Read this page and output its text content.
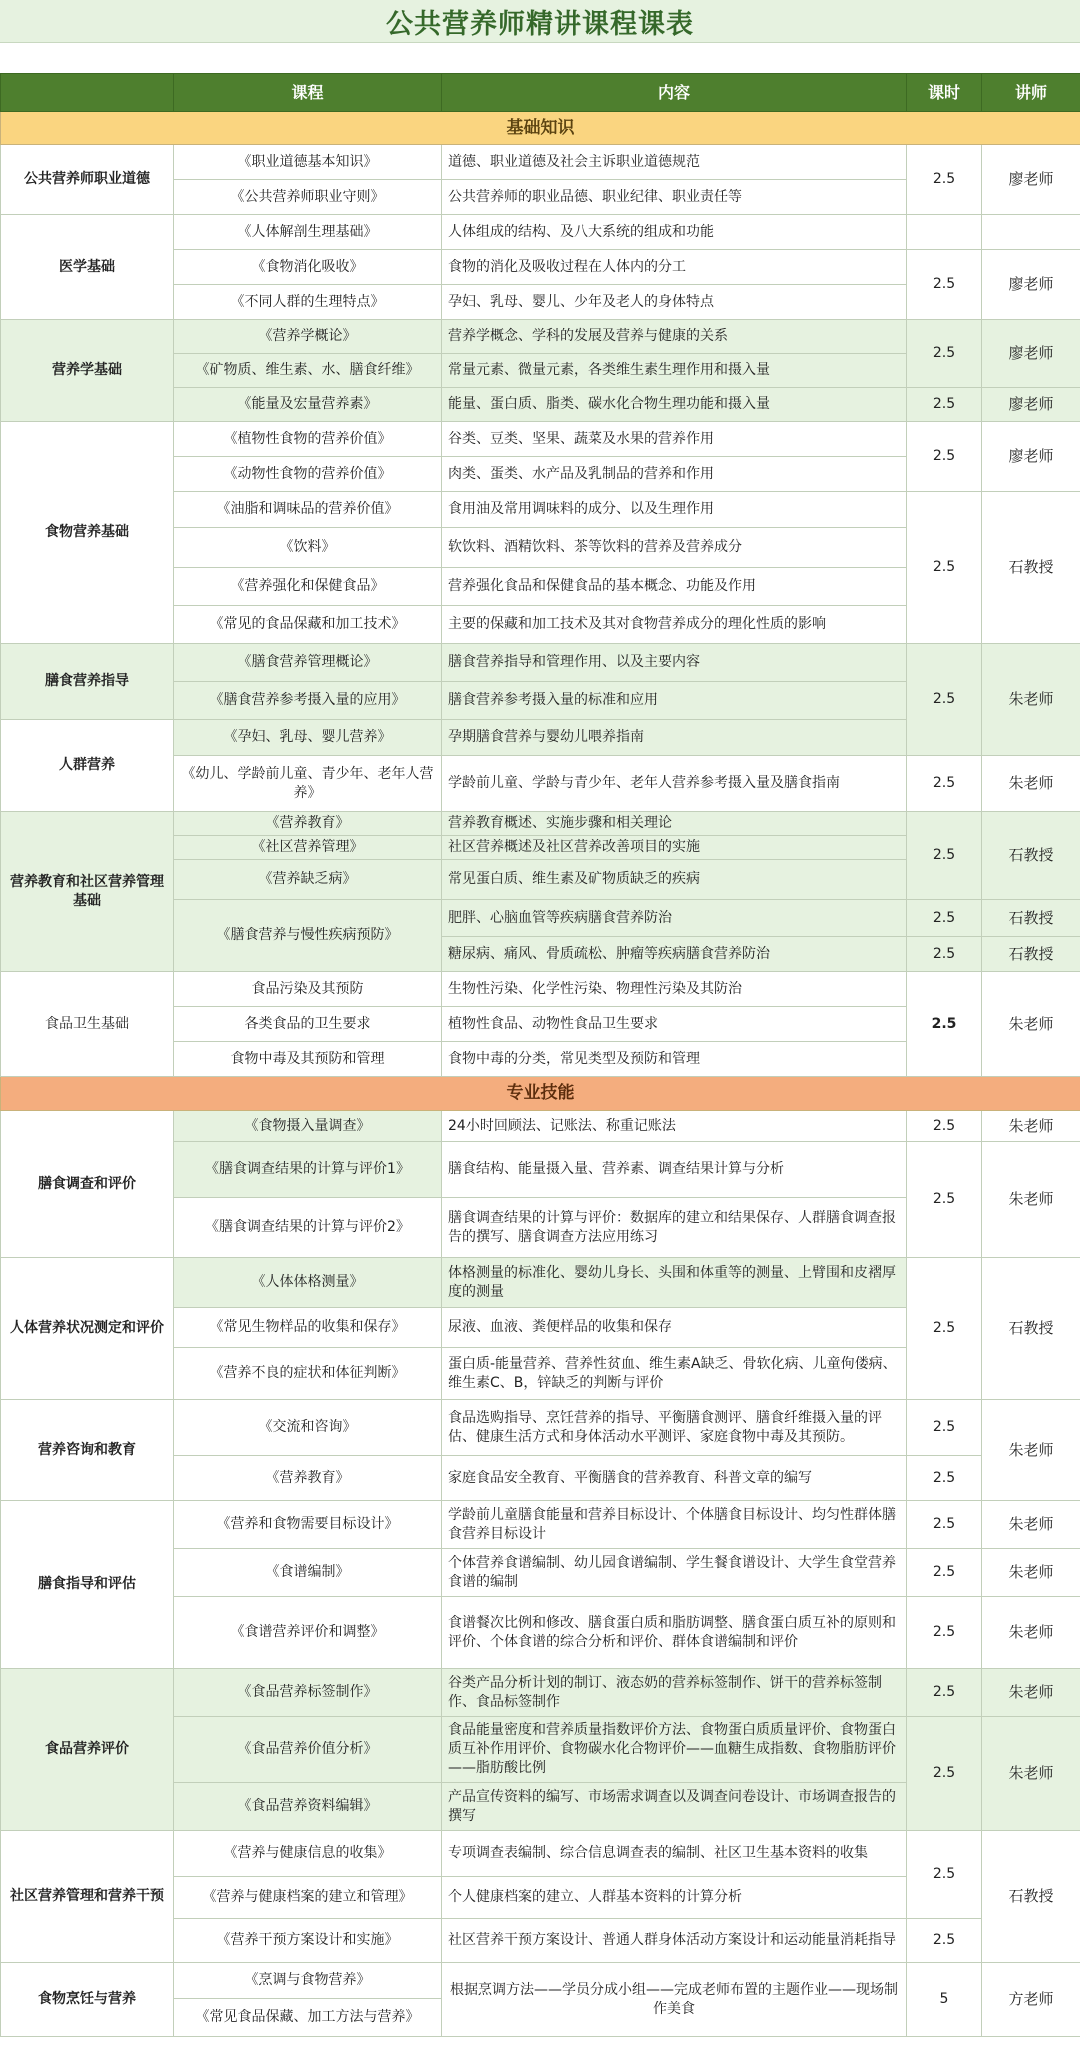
公共营养师精讲课程课表
	课程	内容	课时	讲师
基础知识				
公共营养师职业道德	《职业道德基本知识》	道德、职业道德及社会主诉职业道德规范	2.5	廖老师
	《公共营养师职业守则》	公共营养师的职业品德、职业纪律、职业责任等		
医学基础	《人体解剖生理基础》	人体组成的结构、及八大系统的组成和功能		
	《食物消化吸收》	食物的消化及吸收过程在人体内的分工	2.5	廖老师
	《不同人群的生理特点》	孕妇、乳母、婴儿、少年及老人的身体特点		
营养学基础	《营养学概论》	营养学概念、学科的发展及营养与健康的关系	2.5	廖老师
	《矿物质、维生素、水、膳食纤维》	常量元素、微量元素，各类维生素生理作用和摄入量		
	《能量及宏量营养素》	能量、蛋白质、脂类、碳水化合物生理功能和摄入量	2.5	廖老师
食物营养基础	《植物性食物的营养价值》	谷类、豆类、坚果、蔬菜及水果的营养作用	2.5	廖老师
	《动物性食物的营养价值》	肉类、蛋类、水产品及乳制品的营养和作用		
	《油脂和调味品的营养价值》	食用油及常用调味料的成分、以及生理作用	2.5	石教授
	《饮料》	软饮料、酒精饮料、茶等饮料的营养及营养成分		
	《营养强化和保健食品》	营养强化食品和保健食品的基本概念、功能及作用		
	《常见的食品保藏和加工技术》	主要的保藏和加工技术及其对食物营养成分的理化性质的影响		
膳食营养指导	《膳食营养管理概论》	膳食营养指导和管理作用、以及主要内容	2.5	朱老师
	《膳食营养参考摄入量的应用》	膳食营养参考摄入量的标准和应用		
人群营养	《孕妇、乳母、婴儿营养》	孕期膳食营养与婴幼儿喂养指南		
	《幼儿、学龄前儿童、青少年、老年人营养》	学龄前儿童、学龄与青少年、老年人营养参考摄入量及膳食指南	2.5	朱老师
营养教育和社区营养管理基础	《营养教育》	营养教育概述、实施步骤和相关理论	2.5	石教授
	《社区营养管理》	社区营养概述及社区营养改善项目的实施		
	《营养缺乏病》	常见蛋白质、维生素及矿物质缺乏的疾病		
	《膳食营养与慢性疾病预防》	肥胖、心脑血管等疾病膳食营养防治	2.5	石教授
		糖尿病、痛风、骨质疏松、肿瘤等疾病膳食营养防治	2.5	石教授
食品卫生基础	食品污染及其预防	生物性污染、化学性污染、物理性污染及其防治	2.5	朱老师
	各类食品的卫生要求	植物性食品、动物性食品卫生要求		
	食物中毒及其预防和管理	食物中毒的分类，常见类型及预防和管理		
专业技能				
膳食调查和评价	《食物摄入量调查》	24小时回顾法、记账法、称重记账法	2.5	朱老师
	《膳食调查结果的计算与评价1》	膳食结构、能量摄入量、营养素、调查结果计算与分析	2.5	朱老师
	《膳食调查结果的计算与评价2》	膳食调查结果的计算与评价：数据库的建立和结果保存、人群膳食调查报告的撰写、膳食调查方法应用练习		
人体营养状况测定和评价	《人体体格测量》	体格测量的标准化、婴幼儿身长、头围和体重等的测量、上臂围和皮褶厚度的测量	2.5	石教授
	《常见生物样品的收集和保存》	尿液、血液、粪便样品的收集和保存		
	《营养不良的症状和体征判断》	蛋白质-能量营养、营养性贫血、维生素A缺乏、骨软化病、儿童佝偻病、维生素C、B，锌缺乏的判断与评价		
营养咨询和教育	《交流和咨询》	食品选购指导、烹饪营养的指导、平衡膳食测评、膳食纤维摄入量的评估、健康生活方式和身体活动水平测评、家庭食物中毒及其预防。	2.5	朱老师
	《营养教育》	家庭食品安全教育、平衡膳食的营养教育、科普文章的编写	2.5	
膳食指导和评估	《营养和食物需要目标设计》	学龄前儿童膳食能量和营养目标设计、个体膳食目标设计、均匀性群体膳食营养目标设计	2.5	朱老师
	《食谱编制》	个体营养食谱编制、幼儿园食谱编制、学生餐食谱设计、大学生食堂营养食谱的编制	2.5	朱老师
	《食谱营养评价和调整》	食谱餐次比例和修改、膳食蛋白质和脂肪调整、膳食蛋白质互补的原则和评价、个体食谱的综合分析和评价、群体食谱编制和评价	2.5	朱老师
食品营养评价	《食品营养标签制作》	谷类产品分析计划的制订、液态奶的营养标签制作、饼干的营养标签制作、食品标签制作	2.5	朱老师
	《食品营养价值分析》	食品能量密度和营养质量指数评价方法、食物蛋白质质量评价、食物蛋白质互补作用评价、食物碳水化合物评价——血糖生成指数、食物脂肪评价——脂肪酸比例	2.5	朱老师
	《食品营养资料编辑》	产品宣传资料的编写、市场需求调查以及调查问卷设计、市场调查报告的撰写		
社区营养管理和营养干预	《营养与健康信息的收集》	专项调查表编制、综合信息调查表的编制、社区卫生基本资料的收集	2.5	石教授
	《营养与健康档案的建立和管理》	个人健康档案的建立、人群基本资料的计算分析		
	《营养干预方案设计和实施》	社区营养干预方案设计、普通人群身体活动方案设计和运动能量消耗指导	2.5	
食物烹饪与营养	《烹调与食物营养》	根据烹调方法——学员分成小组——完成老师布置的主题作业——现场制作美食	5	方老师
	《常见食品保藏、加工方法与营养》			
